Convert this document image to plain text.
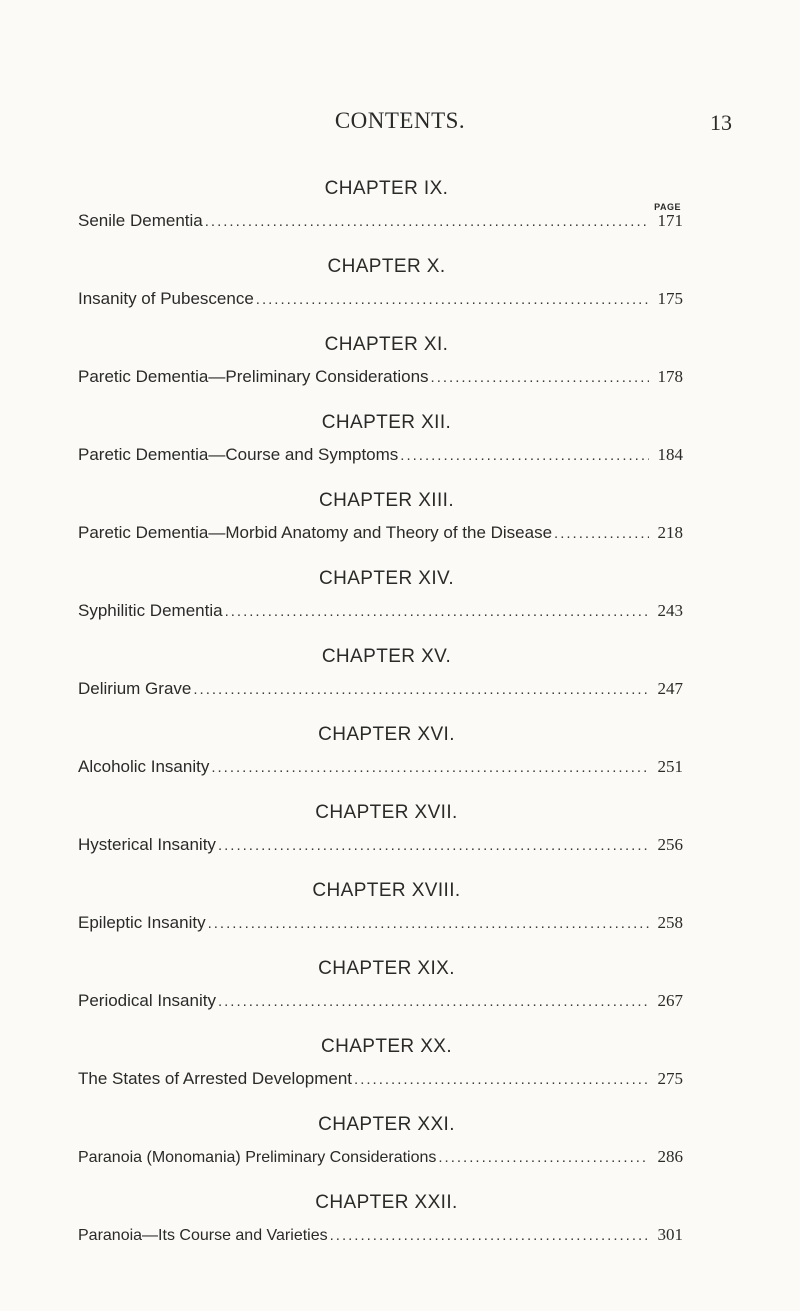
CONTENTS.	13
CHAPTER IX.
PAGE
Senile Dementia .....	171
CHAPTER X.
Insanity of Pubescence .....	175
CHAPTER XI.
Paretic Dementia—Preliminary Considerations .....	178
CHAPTER XII.
Paretic Dementia—Course and Symptoms .....	184
CHAPTER XIII.
Paretic Dementia—Morbid Anatomy and Theory of the Disease .....	218
CHAPTER XIV.
Syphilitic Dementia .....	243
CHAPTER XV.
Delirium Grave .....	247
CHAPTER XVI.
Alcoholic Insanity .....	251
CHAPTER XVII.
Hysterical Insanity .....	256
CHAPTER XVIII.
Epileptic Insanity .....	258
CHAPTER XIX.
Periodical Insanity .....	267
CHAPTER XX.
The States of Arrested Development .....	275
CHAPTER XXI.
Paranoia (Monomania) Preliminary Considerations .....	286
CHAPTER XXII.
Paranoia—Its Course and Varieties .....	301
